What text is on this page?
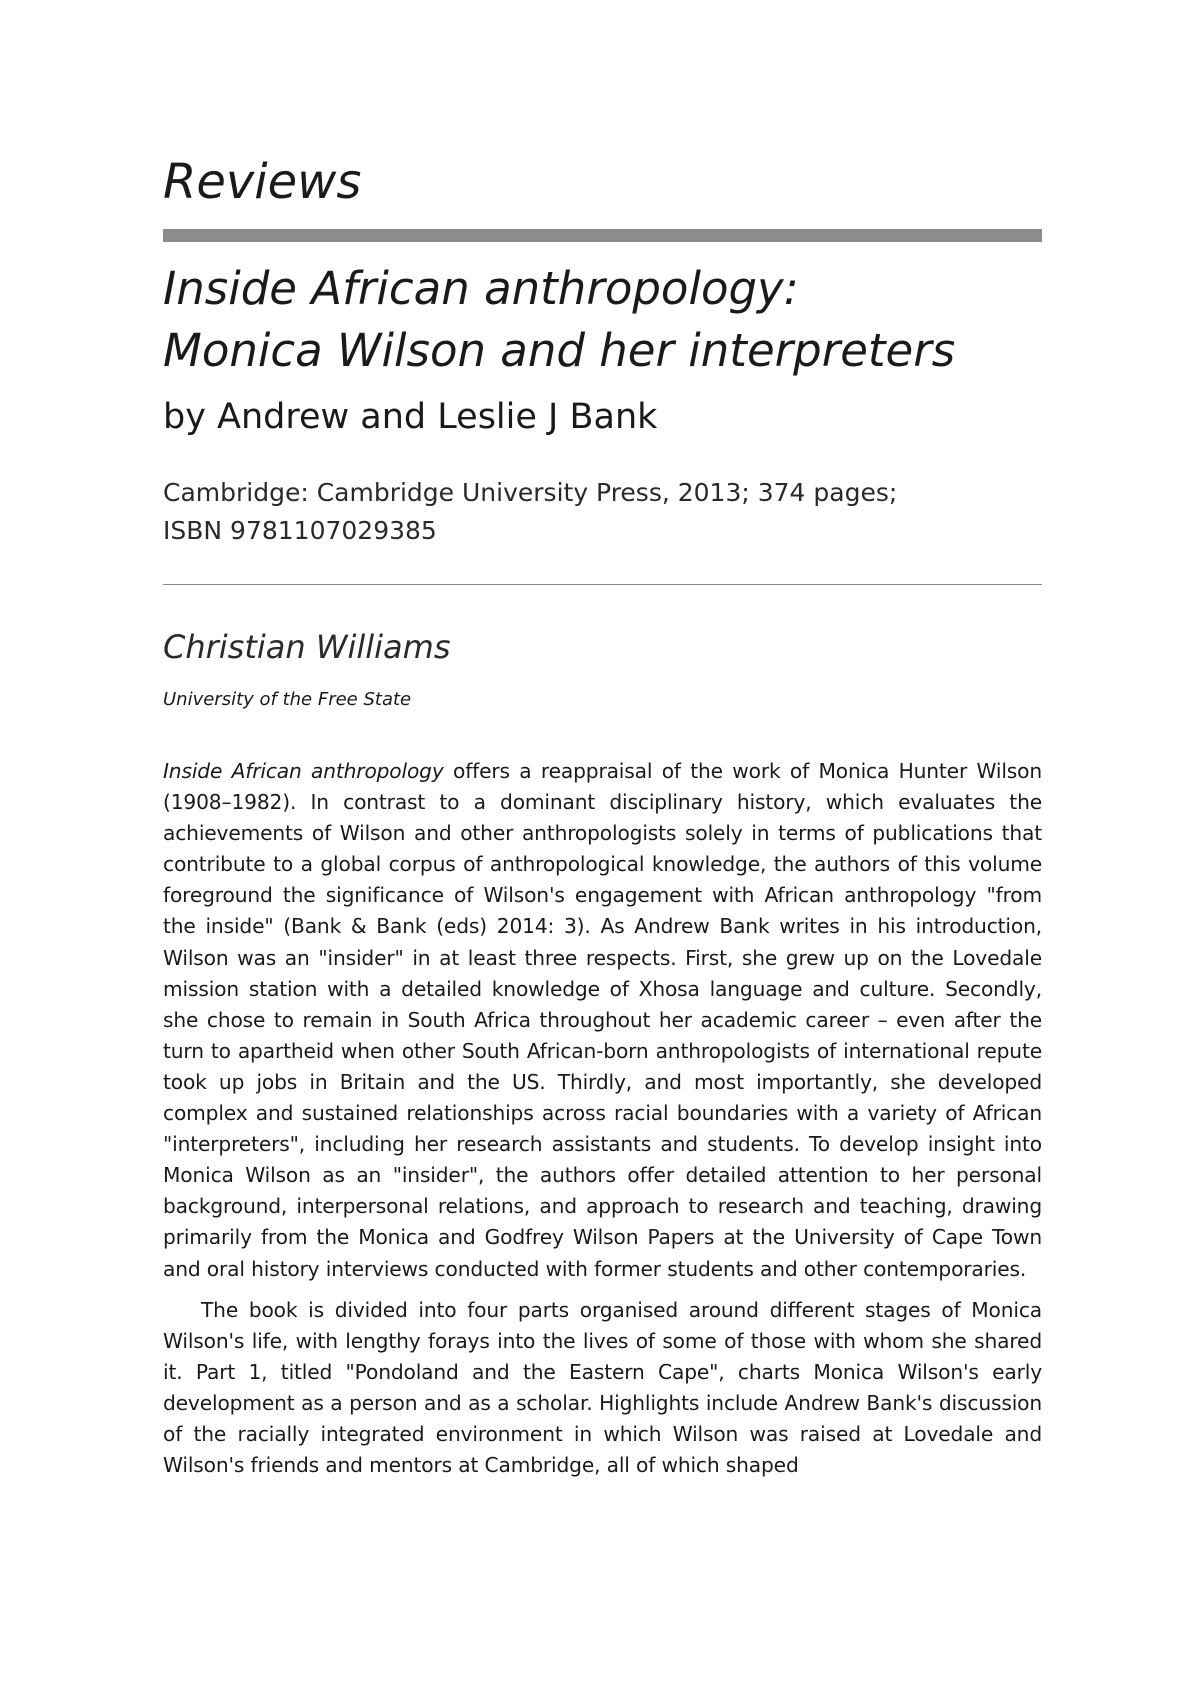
Reviews
Inside African anthropology:
Monica Wilson and her interpreters

by Andrew and Leslie J Bank

Cambridge: Cambridge University Press, 2013; 374 pages;
ISBN 9781107029385

Christian Williams

University of the Free State

Inside African anthropology offers a reappraisal of the work of Monica Hunter Wilson (1908–1982). In contrast to a dominant disciplinary history, which evaluates the achievements of Wilson and other anthropologists solely in terms of publications that contribute to a global corpus of anthropological knowledge, the authors of this volume foreground the significance of Wilson's engagement with African anthropology "from the inside" (Bank & Bank (eds) 2014: 3). As Andrew Bank writes in his introduction, Wilson was an "insider" in at least three respects. First, she grew up on the Lovedale mission station with a detailed knowledge of Xhosa language and culture. Secondly, she chose to remain in South Africa throughout her academic career – even after the turn to apartheid when other South African-born anthropologists of international repute took up jobs in Britain and the US. Thirdly, and most importantly, she developed complex and sustained relationships across racial boundaries with a variety of African "interpreters", including her research assistants and students. To develop insight into Monica Wilson as an "insider", the authors offer detailed attention to her personal background, interpersonal relations, and approach to research and teaching, drawing primarily from the Monica and Godfrey Wilson Papers at the University of Cape Town and oral history interviews conducted with former students and other contemporaries.

The book is divided into four parts organised around different stages of Monica Wilson's life, with lengthy forays into the lives of some of those with whom she shared it. Part 1, titled "Pondoland and the Eastern Cape", charts Monica Wilson's early development as a person and as a scholar. Highlights include Andrew Bank's discussion of the racially integrated environment in which Wilson was raised at Lovedale and Wilson's friends and mentors at Cambridge, all of which shaped
